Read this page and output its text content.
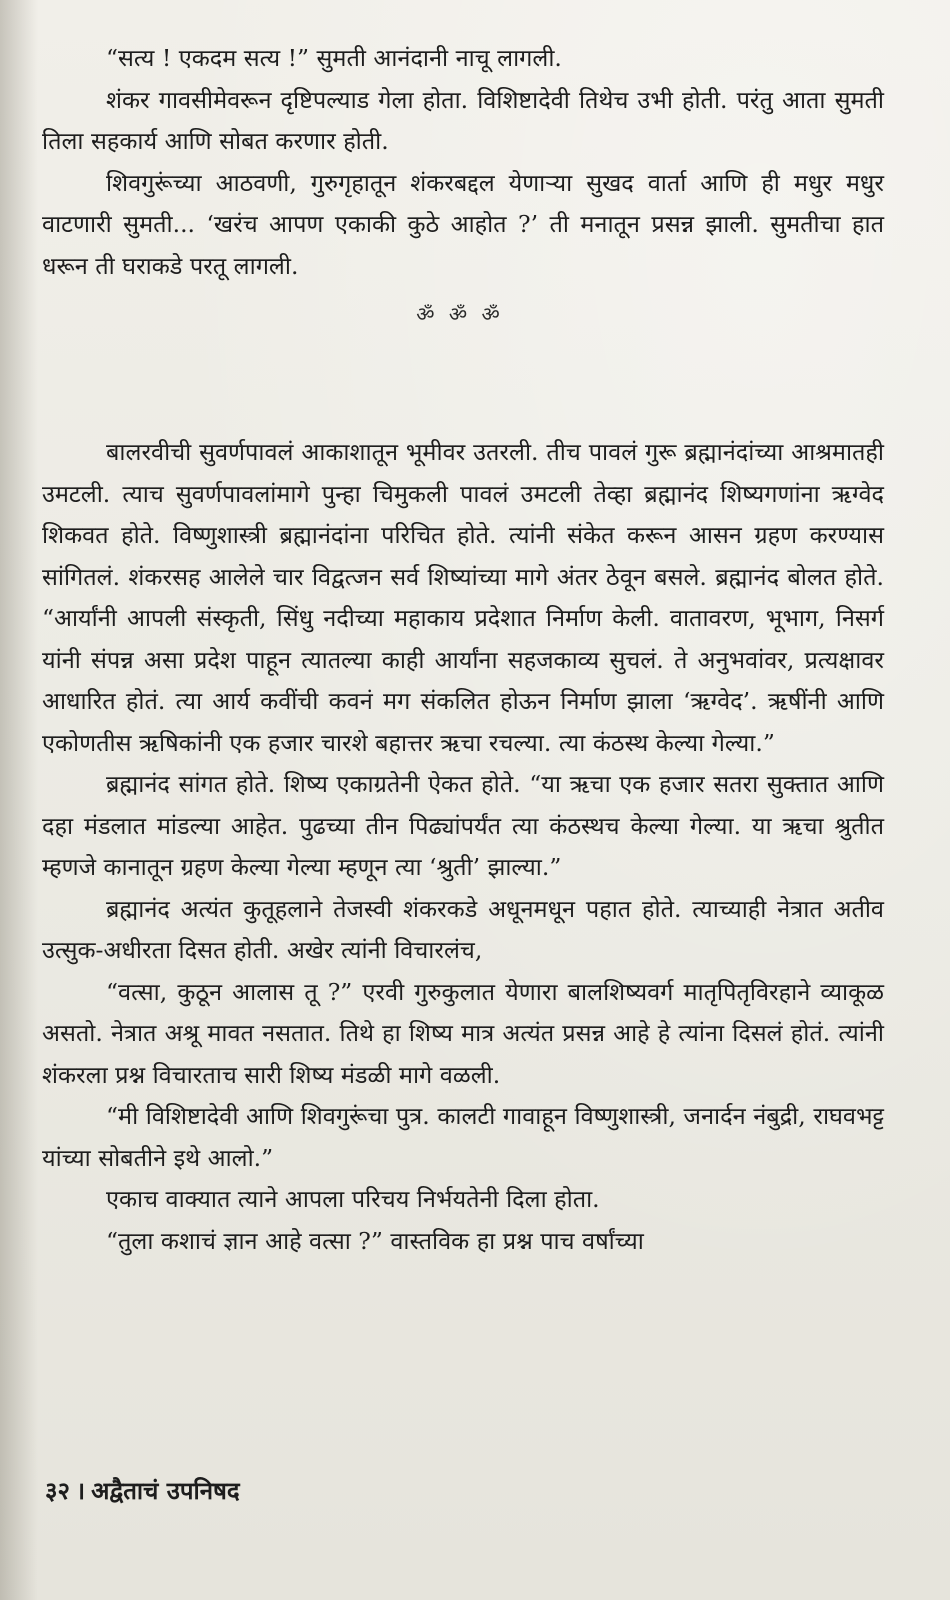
“सत्य ! एकदम सत्य !” सुमती आनंदानी नाचू लागली.

शंकर गावसीमेवरून दृष्टिपल्याड गेला होता. विशिष्टादेवी तिथेच उभी होती. परंतु आता सुमती तिला सहकार्य आणि सोबत करणार होती.

शिवगुरूंच्या आठवणी, गुरुगृहातून शंकरबद्दल येणाऱ्या सुखद वार्ता आणि ही मधुर मधुर वाटणारी सुमती... ‘खरंच आपण एकाकी कुठे आहोत ?’ ती मनातून प्रसन्न झाली. सुमतीचा हात धरून ती घराकडे परतू लागली.

ॐ ॐ ॐ

बालरवीची सुवर्णपावलं आकाशातून भूमीवर उतरली. तीच पावलं गुरू ब्रह्मानंदांच्या आश्रमातही उमटली. त्याच सुवर्णपावलांमागे पुन्हा चिमुकली पावलं उमटली तेव्हा ब्रह्मानंद शिष्यगणांना ऋग्वेद शिकवत होते. विष्णुशास्त्री ब्रह्मानंदांना परिचित होते. त्यांनी संकेत करून आसन ग्रहण करण्यास सांगितलं. शंकरसह आलेले चार विद्वत्जन सर्व शिष्यांच्या मागे अंतर ठेवून बसले. ब्रह्मानंद बोलत होते. “आर्यांनी आपली संस्कृती, सिंधु नदीच्या महाकाय प्रदेशात निर्माण केली. वातावरण, भूभाग, निसर्ग यांनी संपन्न असा प्रदेश पाहून त्यातल्या काही आर्यांना सहजकाव्य सुचलं. ते अनुभवांवर, प्रत्यक्षावर आधारित होतं. त्या आर्य कवींची कवनं मग संकलित होऊन निर्माण झाला ‘ऋग्वेद’. ऋषींनी आणि एकोणतीस ऋषिकांनी एक हजार चारशे बहात्तर ऋचा रचल्या. त्या कंठस्थ केल्या गेल्या.”

ब्रह्मानंद सांगत होते. शिष्य एकाग्रतेनी ऐकत होते. “या ऋचा एक हजार सतरा सुक्तात आणि दहा मंडलात मांडल्या आहेत. पुढच्या तीन पिढ्यांपर्यंत त्या कंठस्थच केल्या गेल्या. या ऋचा श्रुतीत म्हणजे कानातून ग्रहण केल्या गेल्या म्हणून त्या ‘श्रुती’ झाल्या.”

ब्रह्मानंद अत्यंत कुतूहलाने तेजस्वी शंकरकडे अधूनमधून पहात होते. त्याच्याही नेत्रात अतीव उत्सुक-अधीरता दिसत होती. अखेर त्यांनी विचारलंच,

“वत्सा, कुठून आलास तू ?” एरवी गुरुकुलात येणारा बालशिष्यवर्ग मातृपितृविरहाने व्याकूळ असतो. नेत्रात अश्रू मावत नसतात. तिथे हा शिष्य मात्र अत्यंत प्रसन्न आहे हे त्यांना दिसलं होतं. त्यांनी शंकरला प्रश्न विचारताच सारी शिष्य मंडळी मागे वळली.

“मी विशिष्टादेवी आणि शिवगुरूंचा पुत्र. कालटी गावाहून विष्णुशास्त्री, जनार्दन नंबुद्री, राघवभट्ट यांच्या सोबतीने इथे आलो.”

एकाच वाक्यात त्याने आपला परिचय निर्भयतेनी दिला होता.

“तुला कशाचं ज्ञान आहे वत्सा ?” वास्तविक हा प्रश्न पाच वर्षांच्या

३२ । अद्वैताचं उपनिषद
